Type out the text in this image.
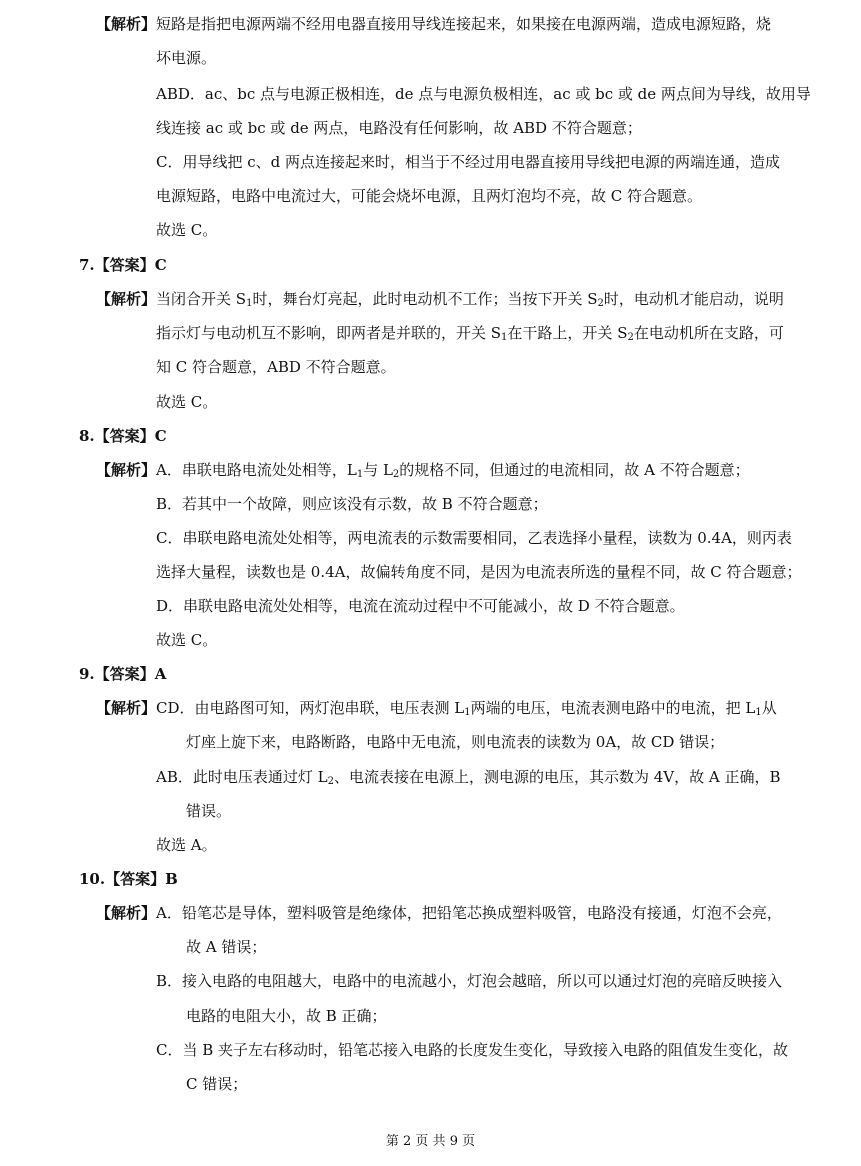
【解析】短路是指把电源两端不经用电器直接用导线连接起来，如果接在电源两端，造成电源短路，烧
坏电源。
ABD．ac、bc 点与电源正极相连，de 点与电源负极相连，ac 或 bc 或 de 两点间为导线，故用导
线连接 ac 或 bc 或 de 两点，电路没有任何影响，故 ABD 不符合题意；
C．用导线把 c、d 两点连接起来时，相当于不经过用电器直接用导线把电源的两端连通，造成
电源短路，电路中电流过大，可能会烧坏电源，且两灯泡均不亮，故 C 符合题意。
故选 C。
7.【答案】C
【解析】当闭合开关 $S_1$时，舞台灯亮起，此时电动机不工作；当按下开关 $S_2$时，电动机才能启动，说明
指示灯与电动机互不影响，即两者是并联的，开关 $S_1$在干路上，开关 $S_2$在电动机所在支路，可
知 C 符合题意，ABD 不符合题意。
故选 C。
8.【答案】C
【解析】A．串联电路电流处处相等，$L_1$与 $L_2$的规格不同，但通过的电流相同，故 A 不符合题意；
B．若其中一个故障，则应该没有示数，故 B 不符合题意；
C．串联电路电流处处相等，两电流表的示数需要相同，乙表选择小量程，读数为 0.4A，则丙表
选择大量程，读数也是 0.4A，故偏转角度不同，是因为电流表所选的量程不同，故 C 符合题意；
D．串联电路电流处处相等，电流在流动过程中不可能减小，故 D 不符合题意。
故选 C。
9.【答案】A
【解析】CD．由电路图可知，两灯泡串联，电压表测 $L_1$两端的电压，电流表测电路中的电流，把 $L_1$从
灯座上旋下来，电路断路，电路中无电流，则电流表的读数为 0A，故 CD 错误；
AB．此时电压表通过灯 $L_2$、电流表接在电源上，测电源的电压，其示数为 4V，故 A 正确，B
错误。
故选 A。
10.【答案】B
【解析】A．铅笔芯是导体，塑料吸管是绝缘体，把铅笔芯换成塑料吸管，电路没有接通，灯泡不会亮，
故 A 错误；
B．接入电路的电阻越大，电路中的电流越小，灯泡会越暗，所以可以通过灯泡的亮暗反映接入
电路的电阻大小，故 B 正确；
C．当 B 夹子左右移动时，铅笔芯接入电路的长度发生变化，导致接入电路的阻值发生变化，故
C 错误；
第 2 页 共 9 页
